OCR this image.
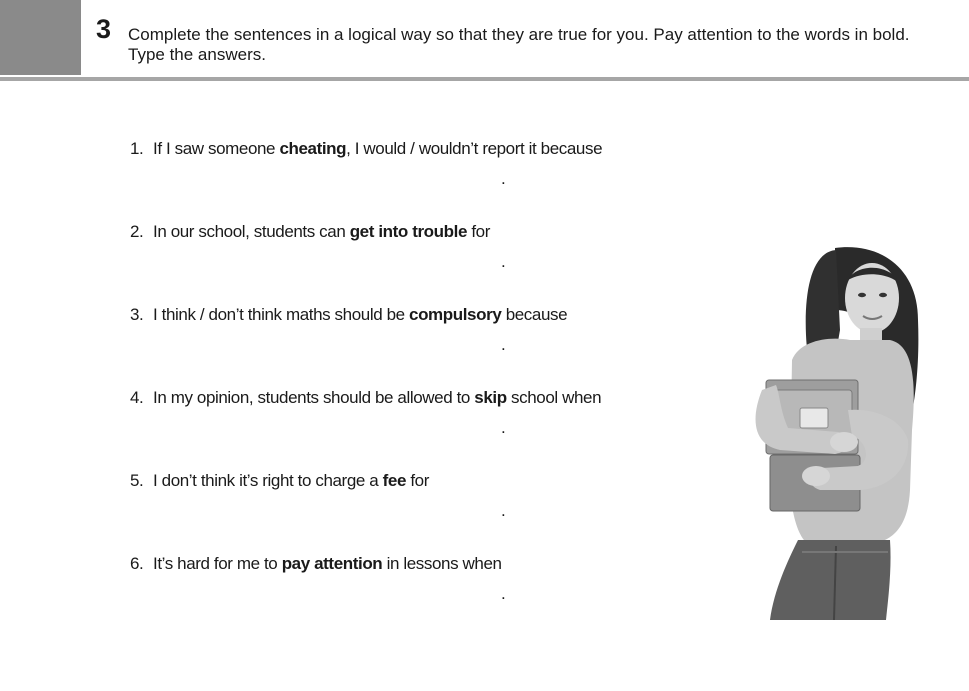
3 Complete the sentences in a logical way so that they are true for you. Pay attention to the words in bold. Type the answers.
1. If I saw someone cheating, I would / wouldn’t report it because
.
2. In our school, students can get into trouble for
.
3. I think / don’t think maths should be compulsory because
.
4. In my opinion, students should be allowed to skip school when
.
5. I don’t think it’s right to charge a fee for
.
6. It’s hard for me to pay attention in lessons when
.
